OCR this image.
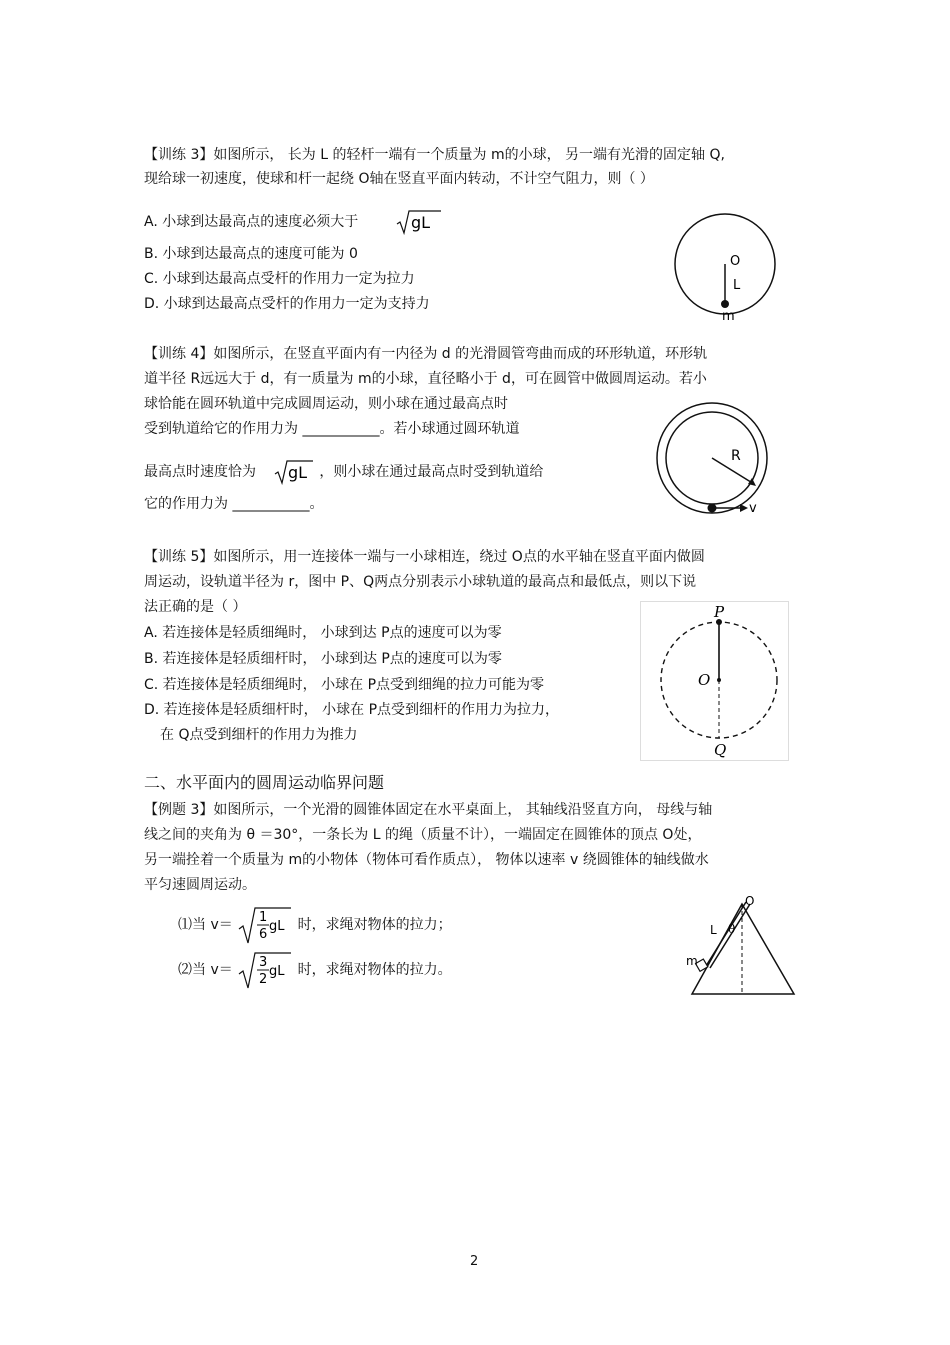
【训练 3】如图所示， 长为 L 的轻杆一端有一个质量为 m的小球， 另一端有光滑的固定轴 Q,
现给球一初速度，使球和杆一起绕 O轴在竖直平面内转动，不计空气阻力，则（ ）
A. 小球到达最高点的速度必须大于	gL
B. 小球到达最高点的速度可能为 0
C. 小球到达最高点受杆的作用力一定为拉力
D. 小球到达最高点受杆的作用力一定为支持力
O
L
m
【训练 4】如图所示，在竖直平面内有一内径为 d 的光滑圆管弯曲而成的环形轨道，环形轨
道半径 R远远大于 d，有一质量为 m的小球，直径略小于 d，可在圆管中做圆周运动。若小
球恰能在圆环轨道中完成圆周运动，则小球在通过最高点时
受到轨道给它的作用力为 ___________。若小球通过圆环轨道
最高点时速度恰为 gL ，则小球在通过最高点时受到轨道给
它的作用力为 ___________。
R
v
【训练 5】如图所示，用一连接体一端与一小球相连，绕过 O点的水平轴在竖直平面内做圆
周运动，设轨道半径为 r，图中 P、Q两点分别表示小球轨道的最高点和最低点，则以下说
法正确的是（ ）
A. 若连接体是轻质细绳时， 小球到达 P点的速度可以为零
B. 若连接体是轻质细杆时， 小球到达 P点的速度可以为零
C. 若连接体是轻质细绳时， 小球在 P点受到细绳的拉力可能为零
D. 若连接体是轻质细杆时， 小球在 P点受到细杆的作用力为拉力，
在 Q点受到细杆的作用力为推力
P
O
Q
二、水平面内的圆周运动临界问题
【例题 3】如图所示，一个光滑的圆锥体固定在水平桌面上， 其轴线沿竖直方向， 母线与轴
线之间的夹角为 θ ＝30°，一条长为 L 的绳（质量不计），一端固定在圆锥体的顶点 O处，
另一端拴着一个质量为 m的小物体（物体可看作质点）， 物体以速率 v 绕圆锥体的轴线做水
平匀速圆周运动。
⑴当 v＝ 1
6
gL 时，求绳对物体的拉力；
⑵当 v＝ 3
2
gL 时，求绳对物体的拉力。
O
L θ
m
2
